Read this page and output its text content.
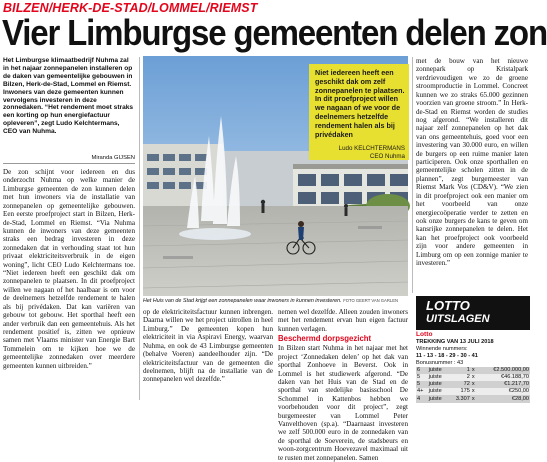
BILZEN/HERK-DE-STAD/LOMMEL/RIEMST
Vier Limburgse gemeenten delen zon
Het Limburgse klimaatbedrijf Nuhma zal in het najaar zonnepanelen installeren op de daken van gemeentelijke gebouwen in Bilzen, Herk-de-Stad, Lommel en Riemst. Inwoners van deze gemeenten kunnen vervolgens investeren in deze zonnedaken. “Het rendement moet straks een korting op hun energiefactuur opleveren”, zegt Ludo Kelchtermans, CEO van Nuhma.
Miranda GIJSEN

De zon schijnt voor iedereen en dus onderzocht Nuhma op welke manier de Limburgse gemeenten de zon kunnen delen met hun inwoners via de installatie van zonnepanelen op gemeentelijke gebouwen. Een eerste proefproject start in Bilzen, Herk-de-Stad, Lommel en Riemst. “Via Nuhma kunnen de inwoners van deze gemeenten straks een bedrag investeren in deze zonnedaken dat in verhouding staat tot hun privaat elektriciteitsverbruik in de eigen woning”, licht CEO Ludo Kelchtermans toe. “Niet iedereen heeft een geschikt dak om zonnepanelen te plaatsen. In dit proefproject willen we nagaan of het haalbaar is om voor de deelnemers hetzelfde rendement te halen als bij privédaken. Dat kan variëren van gebouw tot gebouw. Het sporthal heeft een ander verbruik dan een gemeentehuis. Als het rendement positief is, zitten we opnieuw samen met Vlaams minister van Energie Bart Tommelein om te kijken hoe we de gemeentelijke zonnedaken over meerdere gemeenten kunnen uitbreiden.”

Niet iedereen heeft een geschikt dak om zelf zonnepanelen te plaatsen. In dit proefproject willen we nagaan of we voor de deelnemers hetzelfde rendement halen als bij privédaken
Ludo KELCHTERMANS
CEO Nuhma
Het Huis van de Stad krijgt een zonnepanelen waar inwoners in kunnen investeren. FOTO GEERT VAN GARLEN

op de elektriciteitsfactuur kunnen inbrengen. Daarna willen we het project uitrollen in heel Limburg.” De gemeenten kopen hun elektriciteit in via Aspiravi Energy, waarvan Nuhma, en ook de 43 Limburgse gemeenten (behalve Voeren) aandeelhouder zijn. “De elektriciteitsfactuur van de gemeenten die deelnemen, blijft na de installatie van de zonnepanelen wel dezelfde.”

nemen wel dezelfde. Alleen zouden inwoners met het rendement ervan hun eigen factuur kunnen verlagen.

Beschermd dorpsgezicht

In Bilzen start Nuhma in het najaar met het project ‘Zonnedaken delen’ op het dak van sporthal Zonhoeve in Beverst. Ook in Lommel is het studiewerk afgerond. “De daken van het Huis van de Stad en de sporthal van stedelijke basisschool De Schommel in Kattenbos hebben we voorbehouden voor dit project”, zegt burgemeester van Lommel Peter Vanvelthoven (sp.a). “Daarnaast investeren we zelf 500.000 euro in de zonnedaken van de sporthal de Soeverein, de stadsbeurs en woon-zorgcentrum Hoevezavel maximaal uit te rusten met zonnepanelen. Samen

met de bouw van het nieuwe zonnepark op Kristalpark verdrievoudigen we zo de groene stroomproductie in Lommel. Concreet kunnen we zo straks 65.000 gezinnen voorzien van groene stroom.” In Herk-de-Stad en Riemst worden de studies nog afgerond. “We installeren dit najaar zelf zonnepanelen op het dak van ons gemeentehuis, goed voor een investering van 30.000 euro, en willen de burgers op een ruime manier laten participeren. Ook onze sporthallen en gemeentelijke scholen zitten in de plannen”, zegt burgemeester van Riemst Mark Vos (CD&V). “We zien in dit proefproject ook een manier om het voorbeeld van onze energiecoöperatie verder te zetten en ook onze burgers de kans te geven om kansrijke zonnepanelen te delen. Het kan het proefproject ook voorbeeld zijn voor andere gemeenten in Limburg om op een zonnige manier te investeren.”

LOTTO
UITSLAGEN
Lotto
TREKKING VAN 13 JULI 2018
Winnende nummers:
11 - 13 - 18 - 29 - 30 - 41
Bonusnummer : 43
6	juiste	1	x	€2.500.000,00
5	juiste	2	x	€46.188,70
5	juiste	72	x	€1.217,70
4+	juiste	175	x	€250,00
4	juiste	3.307	x	€28,00
